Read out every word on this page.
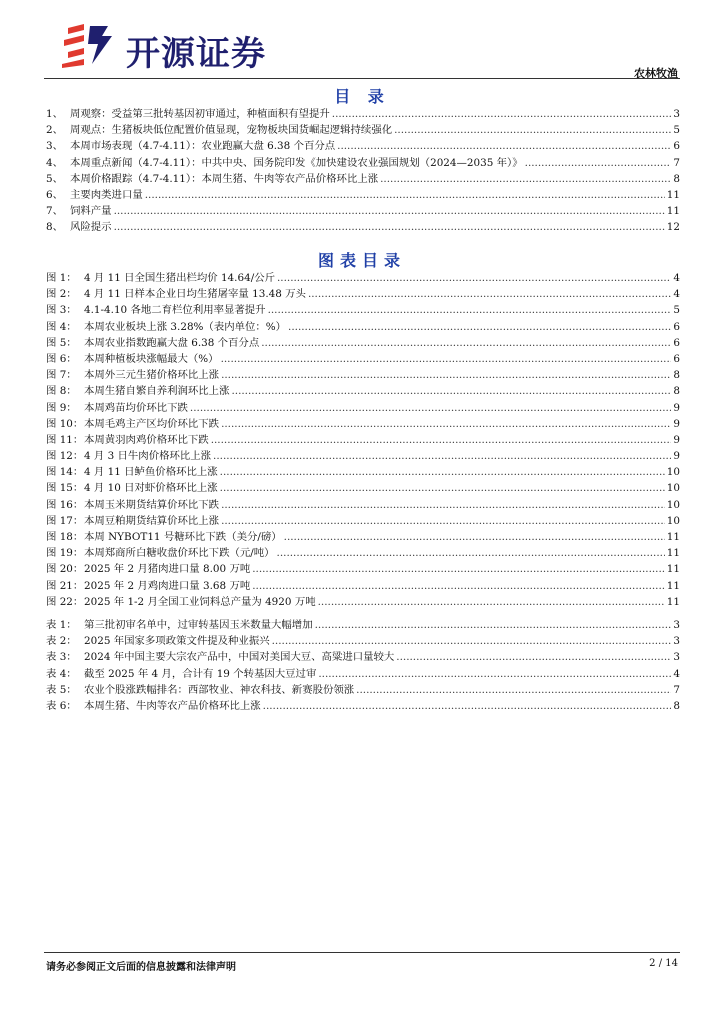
开源证券	农林牧渔
目 录
1、 周观察：受益第三批转基因初审通过，种植面积有望提升 .....	3
2、 周观点：生猪板块低位配置价值显现，宠物板块国货崛起逻辑持续强化 .....	5
3、 本周市场表现（4.7-4.11）：农业跑赢大盘 6.38 个百分点 .....	6
4、 本周重点新闻（4.7-4.11）：中共中央、国务院印发《加快建设农业强国规划（2024—2035 年）》 .....	7
5、 本周价格跟踪（4.7-4.11）：本周生猪、牛肉等农产品价格环比上涨 .....	8
6、 主要肉类进口量 .....	11
7、 饲料产量 .....	11
8、 风险提示 .....	12
图表目录
图 1： 4 月 11 日全国生猪出栏均价 14.64/公斤 .....	4
图 2： 4 月 11 日样本企业日均生猪屠宰量 13.48 万头 .....	4
图 3： 4.1-4.10 各地二育栏位利用率显著提升 .....	5
图 4： 本周农业板块上涨 3.28%（表内单位：%） .....	6
图 5： 本周农业指数跑赢大盘 6.38 个百分点 .....	6
图 6： 本周种植板块涨幅最大（%） .....	6
图 7： 本周外三元生猪价格环比上涨 .....	8
图 8： 本周生猪自繁自养利润环比上涨 .....	8
图 9： 本周鸡苗均价环比下跌 .....	9
图 10：本周毛鸡主产区均价环比下跌 .....	9
图 11：本周黄羽肉鸡价格环比下跌 .....	9
图 12：4 月 3 日牛肉价格环比上涨 .....	9
图 14：4 月 11 日鲈鱼价格环比上涨 .....	10
图 15：4 月 10 日对虾价格环比上涨 .....	10
图 16：本周玉米期货结算价环比下跌 .....	10
图 17：本周豆粕期货结算价环比上涨 .....	10
图 18：本周 NYBOT11 号糖环比下跌（美分/磅） .....	11
图 19：本周郑商所白糖收盘价环比下跌（元/吨） .....	11
图 20：2025 年 2 月猪肉进口量 8.00 万吨 .....	11
图 21：2025 年 2 月鸡肉进口量 3.68 万吨 .....	11
图 22：2025 年 1-2 月全国工业饲料总产量为 4920 万吨 .....	11
表 1： 第三批初审名单中，过审转基因玉米数量大幅增加 .....	3
表 2： 2025 年国家多项政策文件提及种业振兴 .....	3
表 3： 2024 年中国主要大宗农产品中，中国对美国大豆、高粱进口量较大 .....	3
表 4： 截至 2025 年 4 月，合计有 19 个转基因大豆过审 .....	4
表 5： 农业个股涨跌幅排名：西部牧业、神农科技、新赛股份领涨 .....	7
表 6： 本周生猪、牛肉等农产品价格环比上涨 .....	8
请务必参阅正文后面的信息披露和法律声明	2 / 14
